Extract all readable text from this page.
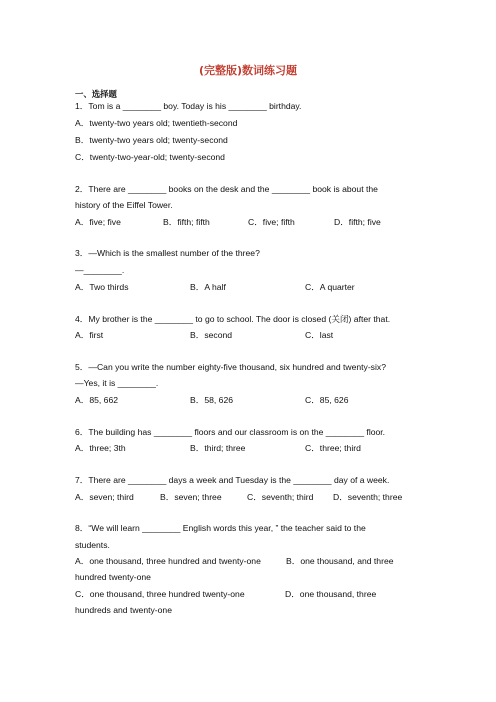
(完整版)数词练习题
一、选择题
1．Tom is a ________ boy. Today is his ________ birthday.
A．twenty-two years old; twentieth-second
B．twenty-two years old; twenty-second
C．twenty-two-year-old; twenty-second
2．There are ________ books on the desk and the ________ book is about the
history of the Eiffel Tower.
A．five; five	B．fifth; fifth	C．five; fifth	D．fifth; five
3．—Which is the smallest number of the three?
—________.
A．Two thirds	B．A half	C．A quarter
4．My brother is the ________ to go to school. The door is closed (关闭) after that.
A．first	B．second	C．last
5．—Can you write the number eighty-five thousand, six hundred and twenty-six?
—Yes, it is ________.
A．85, 662	B．58, 626	C．85, 626
6．The building has ________ floors and our classroom is on the ________ floor.
A．three; 3th	B．third; three	C．three; third
7．There are ________ days a week and Tuesday is the ________ day of a week.
A．seven; third	B．seven; three	C．seventh; third D．seventh; three
8．“We will learn ________ English words this year, ” the teacher said to the
students.
A．one thousand, three hundred and twenty-one	B．one thousand, and three
hundred twenty-one
C．one thousand, three hundred twenty-one	D．one thousand, three
hundreds and twenty-one
